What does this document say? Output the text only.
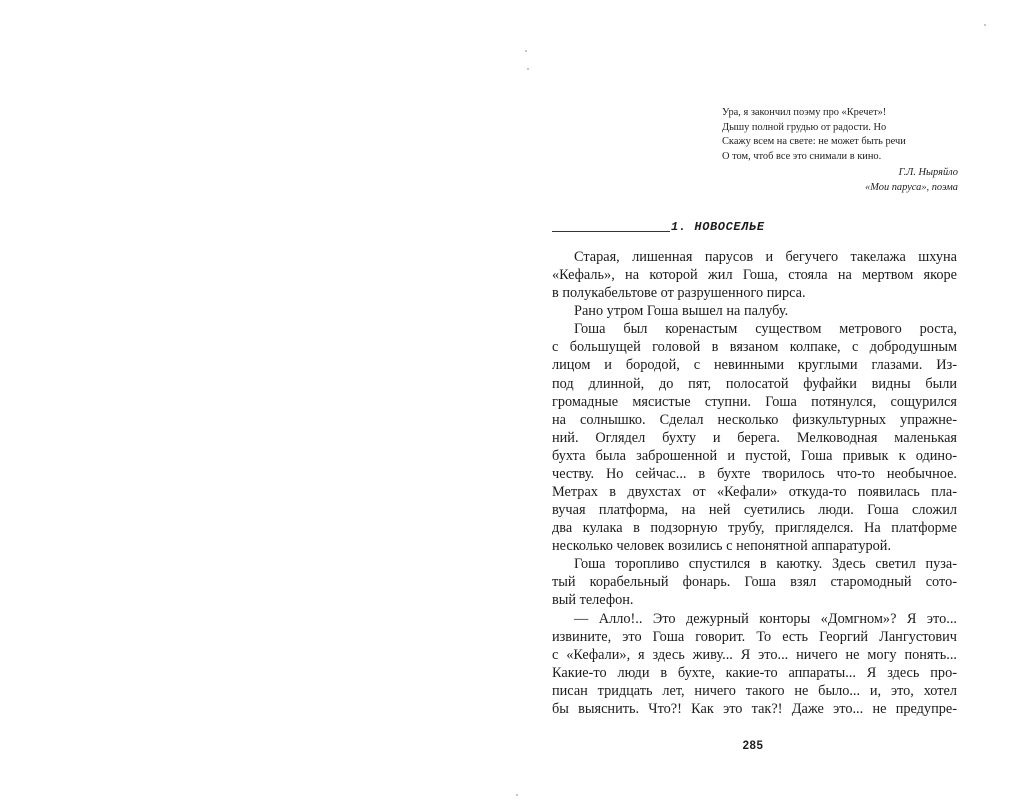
Ура, я закончил поэму про «Кречет»!
Дышу полной грудью от радости. Но
Скажу всем на свете: не может быть речи
О том, чтоб все это снимали в кино.
Г.Л. Ныряйло
«Мои паруса», поэма
1. НОВОСЕЛЬЕ
Старая, лишенная парусов и бегучего такелажа шхуна
«Кефаль», на которой жил Гоша, стояла на мертвом якоре
в полукабельтове от разрушенного пирса.
Рано утром Гоша вышел на палубу.
Гоша был коренастым существом метрового роста,
с большущей головой в вязаном колпаке, с добродушным
лицом и бородой, с невинными круглыми глазами. Из-
под длинной, до пят, полосатой фуфайки видны были
громадные мясистые ступни. Гоша потянулся, сощурился
на солнышко. Сделал несколько физкультурных упражне-
ний. Оглядел бухту и берега. Мелководная маленькая
бухта была заброшенной и пустой, Гоша привык к одино-
честву. Но сейчас... в бухте творилось что-то необычное.
Метрах в двухстах от «Кефали» откуда-то появилась пла-
вучая платформа, на ней суетились люди. Гоша сложил
два кулака в подзорную трубу, пригляделся. На платформе
несколько человек возились с непонятной аппаратурой.
Гоша торопливо спустился в каютку. Здесь светил пуза-
тый корабельный фонарь. Гоша взял старомодный сото-
вый телефон.
— Алло!.. Это дежурный конторы «Домгном»? Я это...
извините, это Гоша говорит. То есть Георгий Лангустович
с «Кефали», я здесь живу... Я это... ничего не могу понять...
Какие-то люди в бухте, какие-то аппараты... Я здесь про-
писан тридцать лет, ничего такого не было... и, это, хотел
бы выяснить. Что?! Как это так?! Даже это... не предупре-
285
